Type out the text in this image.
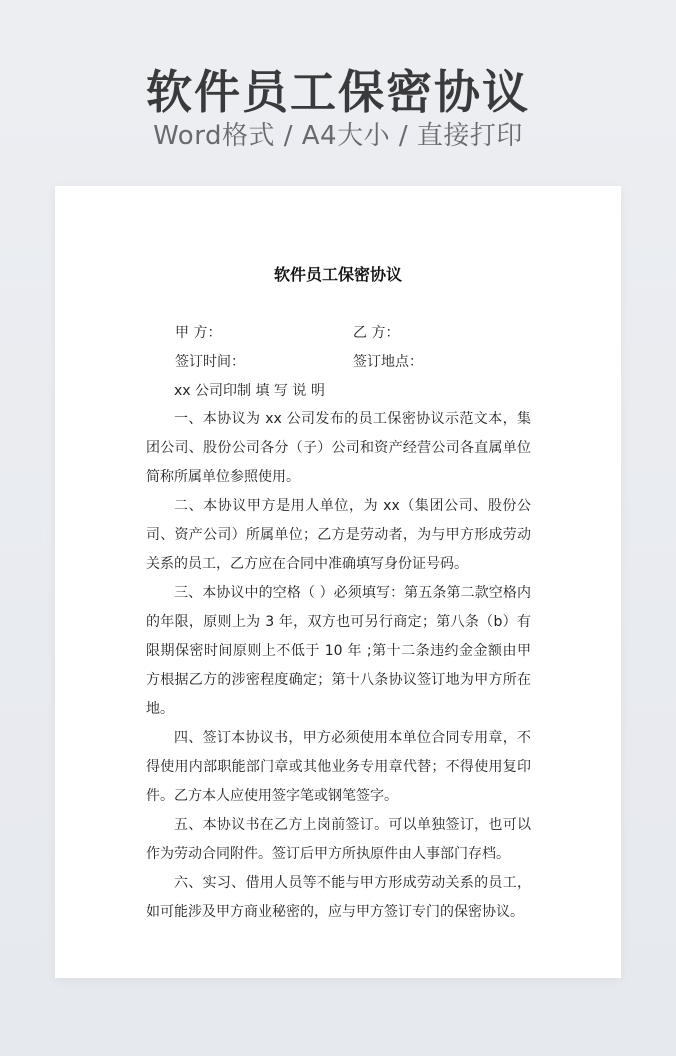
软件员工保密协议
Word格式 / A4大小 / 直接打印
软件员工保密协议
甲 方：	乙 方：
签订时间：	签订地点：
xx 公司印制 填 写 说 明

一、本协议为 xx 公司发布的员工保密协议示范文本，集团公司、股份公司各分（子）公司和资产经营公司各直属单位简称所属单位参照使用。

二、本协议甲方是用人单位，为 xx（集团公司、股份公司、资产公司）所属单位；乙方是劳动者，为与甲方形成劳动关系的员工，乙方应在合同中准确填写身份证号码。

三、本协议中的空格（ ）必须填写：第五条第二款空格内的年限，原则上为 3 年，双方也可另行商定；第八条（b）有限期保密时间原则上不低于 10 年 ;第十二条违约金金额由甲方根据乙方的涉密程度确定；第十八条协议签订地为甲方所在地。

四、签订本协议书，甲方必须使用本单位合同专用章，不得使用内部职能部门章或其他业务专用章代替；不得使用复印件。乙方本人应使用签字笔或钢笔签字。

五、本协议书在乙方上岗前签订。可以单独签订，也可以作为劳动合同附件。签订后甲方所执原件由人事部门存档。

六、实习、借用人员等不能与甲方形成劳动关系的员工，如可能涉及甲方商业秘密的，应与甲方签订专门的保密协议。
